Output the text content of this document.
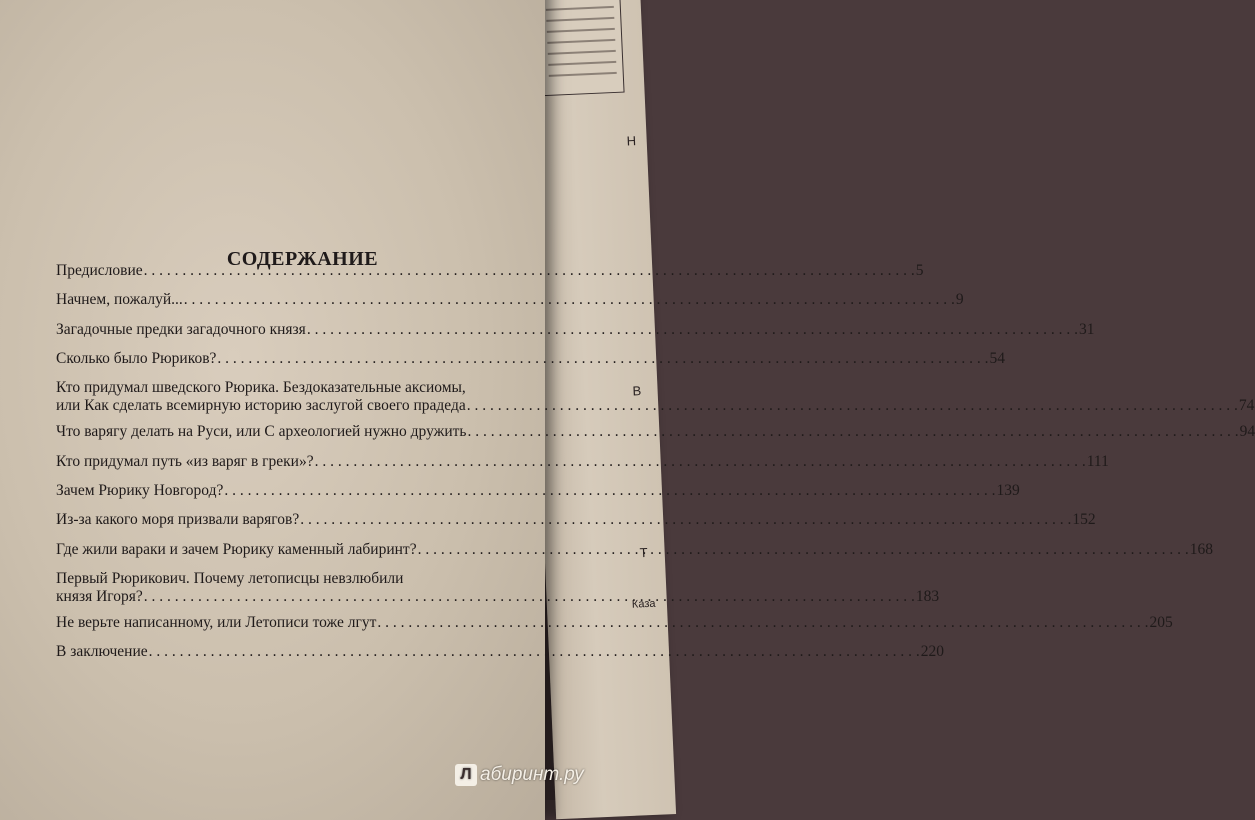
Н
В
Т
Каза
СОДЕРЖАНИЕ
Предисловие . . .	5
Начнем, пожалуй... . . .	9
Загадочные предки загадочного князя . . .	31
Сколько было Рюриков? . . .	54
Кто придумал шведского Рюрика. Бездоказательные аксиомы,
или Как сделать всемирную историю заслугой своего прадеда . . .	74
Что варягу делать на Руси, или С археологией нужно дружить . . .	94
Кто придумал путь «из варяг в греки»? . . .	111
Зачем Рюрику Новгород? . . .	139
Из-за какого моря призвали варягов? . . .	152
Где жили вараки и зачем Рюрику каменный лабиринт? . . .	168
Первый Рюрикович. Почему летописцы невзлюбили
князя Игоря? . . .	183
Не верьте написанному, или Летописи тоже лгут . . .	205
В заключение . . .	220
Л абиринт.ру
